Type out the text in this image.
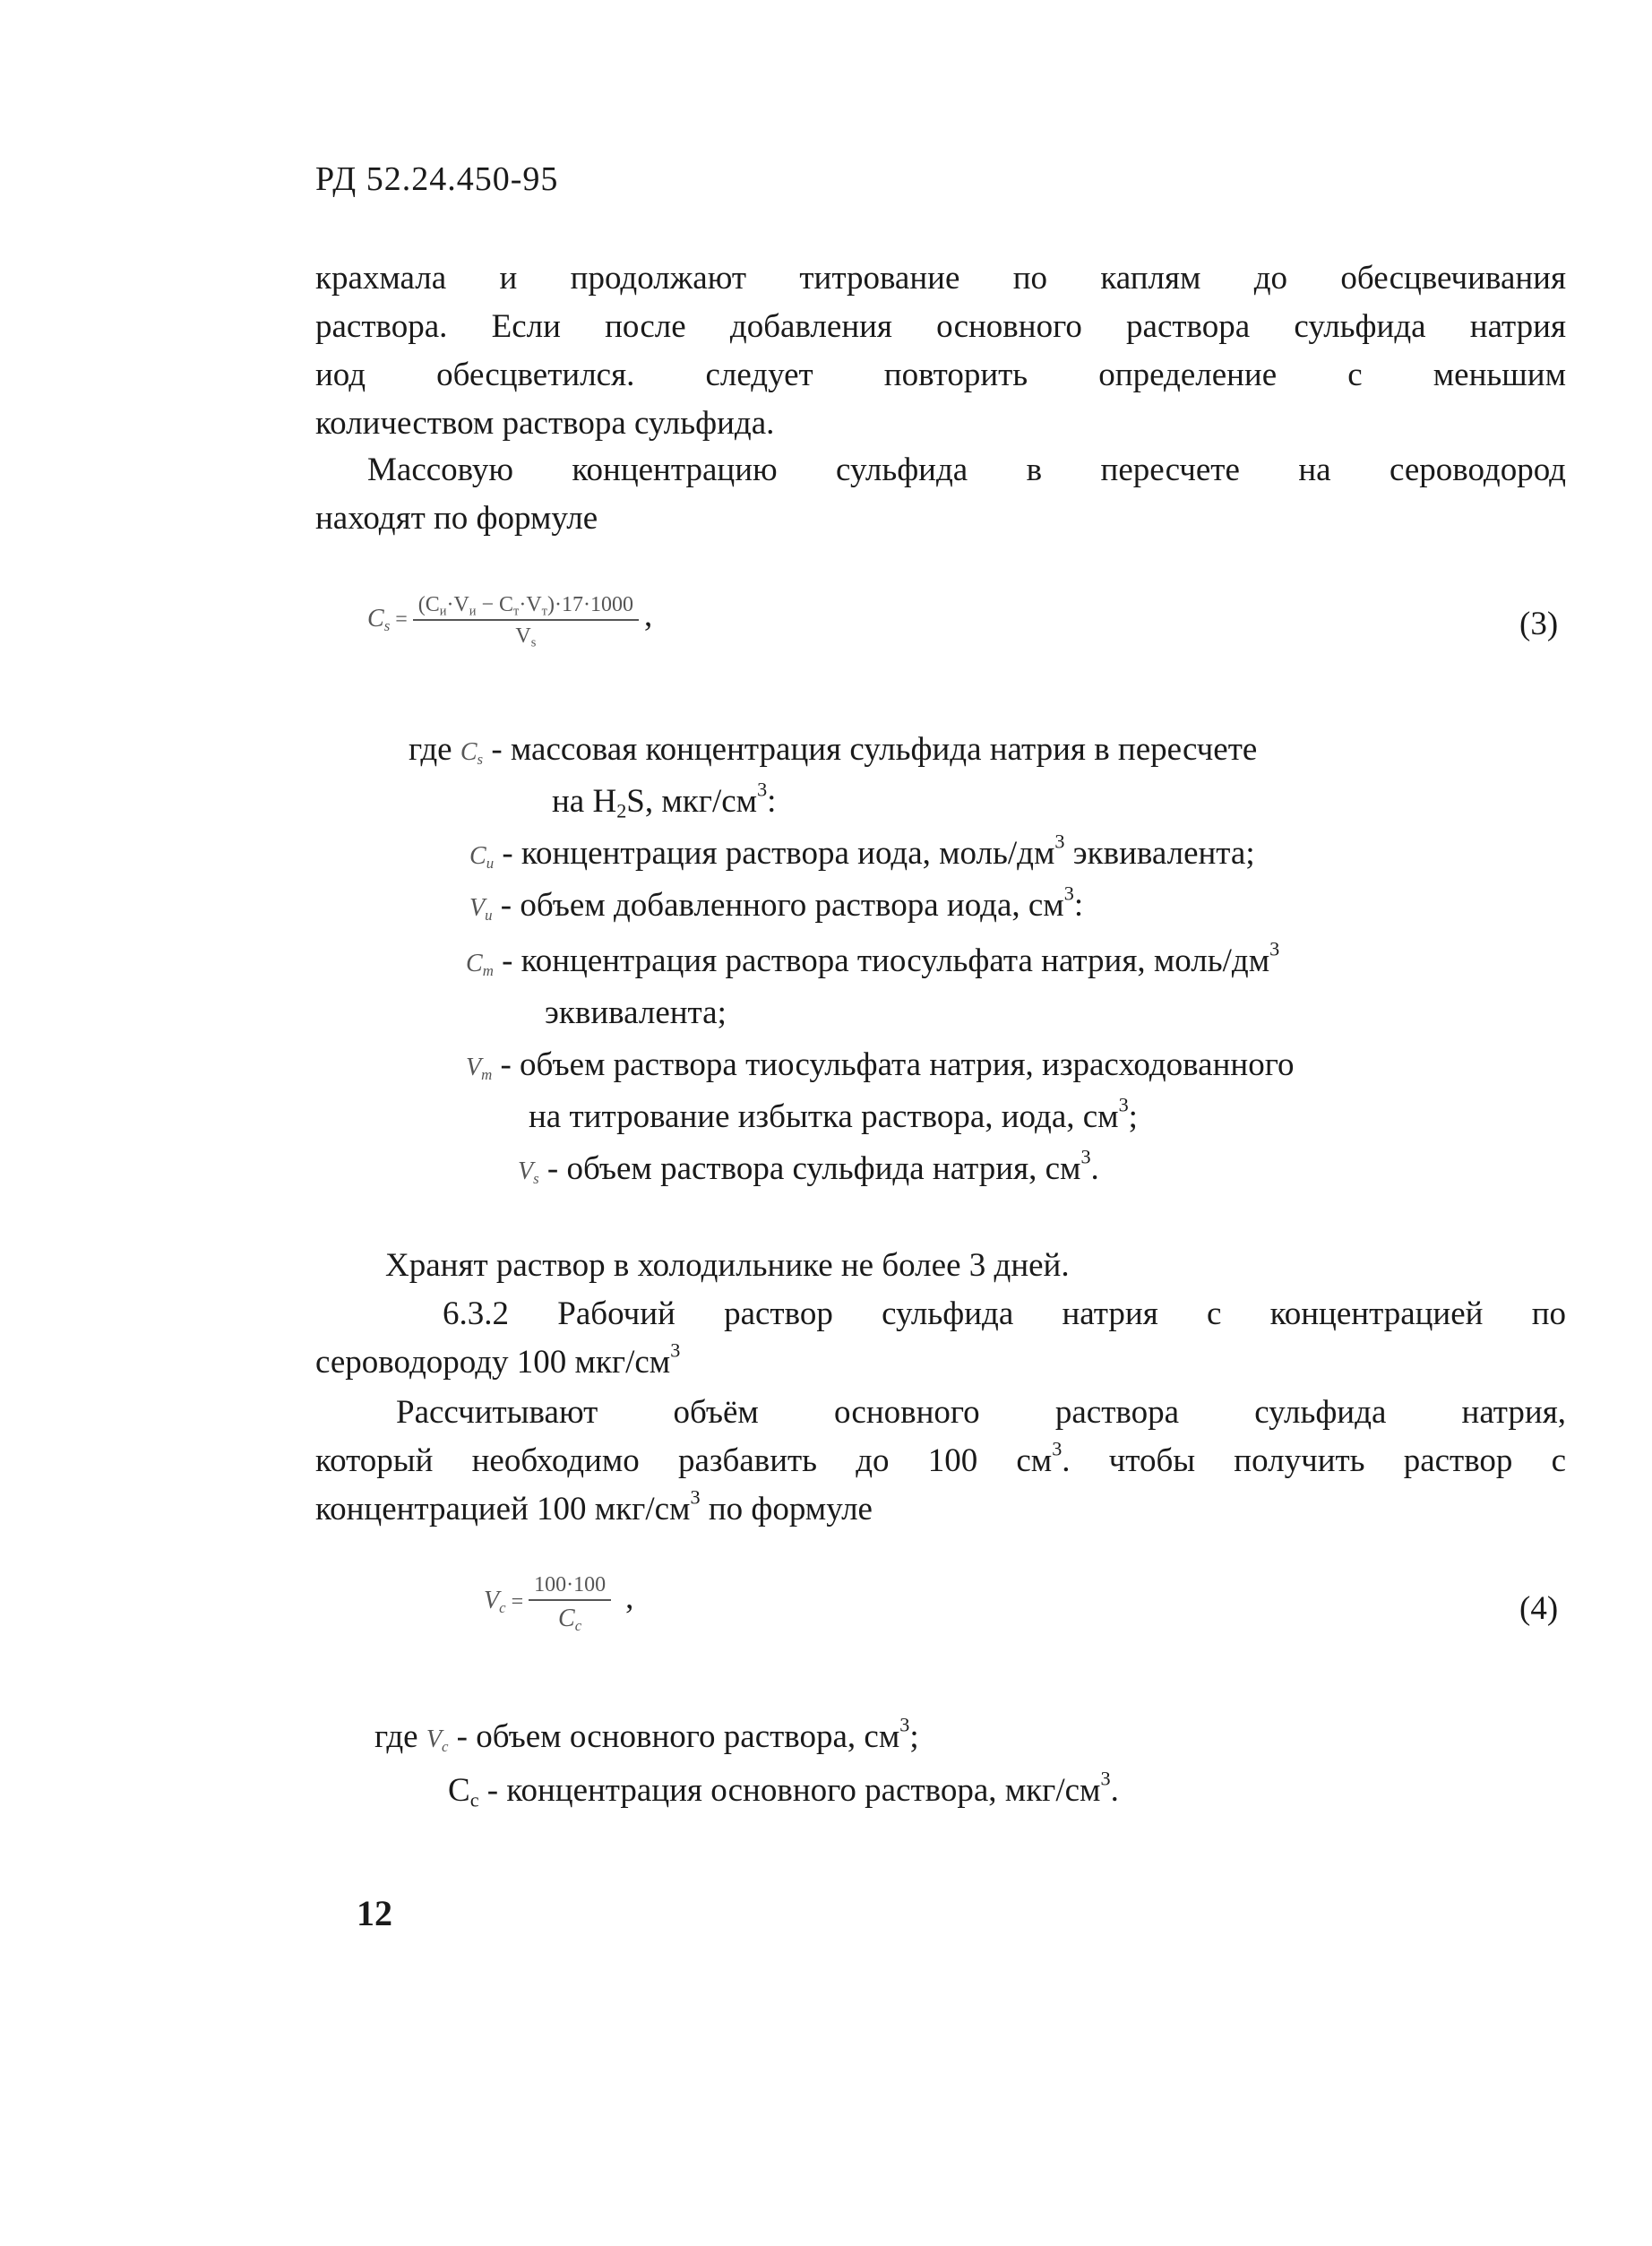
РД 52.24.450-95
крахмала и продолжают титрование по каплям до обесцвечивания
раствора. Если после добавления основного раствора сульфида натрия
иод обесцветился. следует повторить определение с меньшим
количеством раствора сульфида.
Массовую концентрацию сульфида в пересчете на сероводород
находят по формуле
$C_s = \frac{(C_и\cdot V_и - C_т\cdot V_т)\cdot 17\cdot 1000}{V_s}$ ,	(3)
где $C_s$ - массовая концентрация сульфида натрия в пересчете
на $H_2S$, мкг/$см^3$:
$C_и$ - концентрация раствора иода, моль/$дм^3$ эквивалента;
$V_и$ - объем добавленного раствора иода, $см^3$:
$C_т$ - концентрация раствора тиосульфата натрия, моль/$дм^3$
эквивалента;
$V_т$ - объем раствора тиосульфата натрия, израсходованного
на титрование избытка раствора, иода, $см^3$;
$V_s$ - объем раствора сульфида натрия, $см^3$.
Хранят раствор в холодильнике не более 3 дней.
6.3.2 Рабочий раствор сульфида натрия с концентрацией по
сероводороду 100 мкг/$см^3$
Рассчитывают объём основного раствора сульфида натрия,
который необходимо разбавить до 100 $см^3$. чтобы получить раствор с
концентрацией 100 мкг/$см^3$ по формуле
$V_c = \frac{100\cdot 100}{C_c}$ ,	(4)
где $V_c$ - объем основного раствора, $см^3$;
$C_c$ - концентрация основного раствора, мкг/$см^3$.
12
